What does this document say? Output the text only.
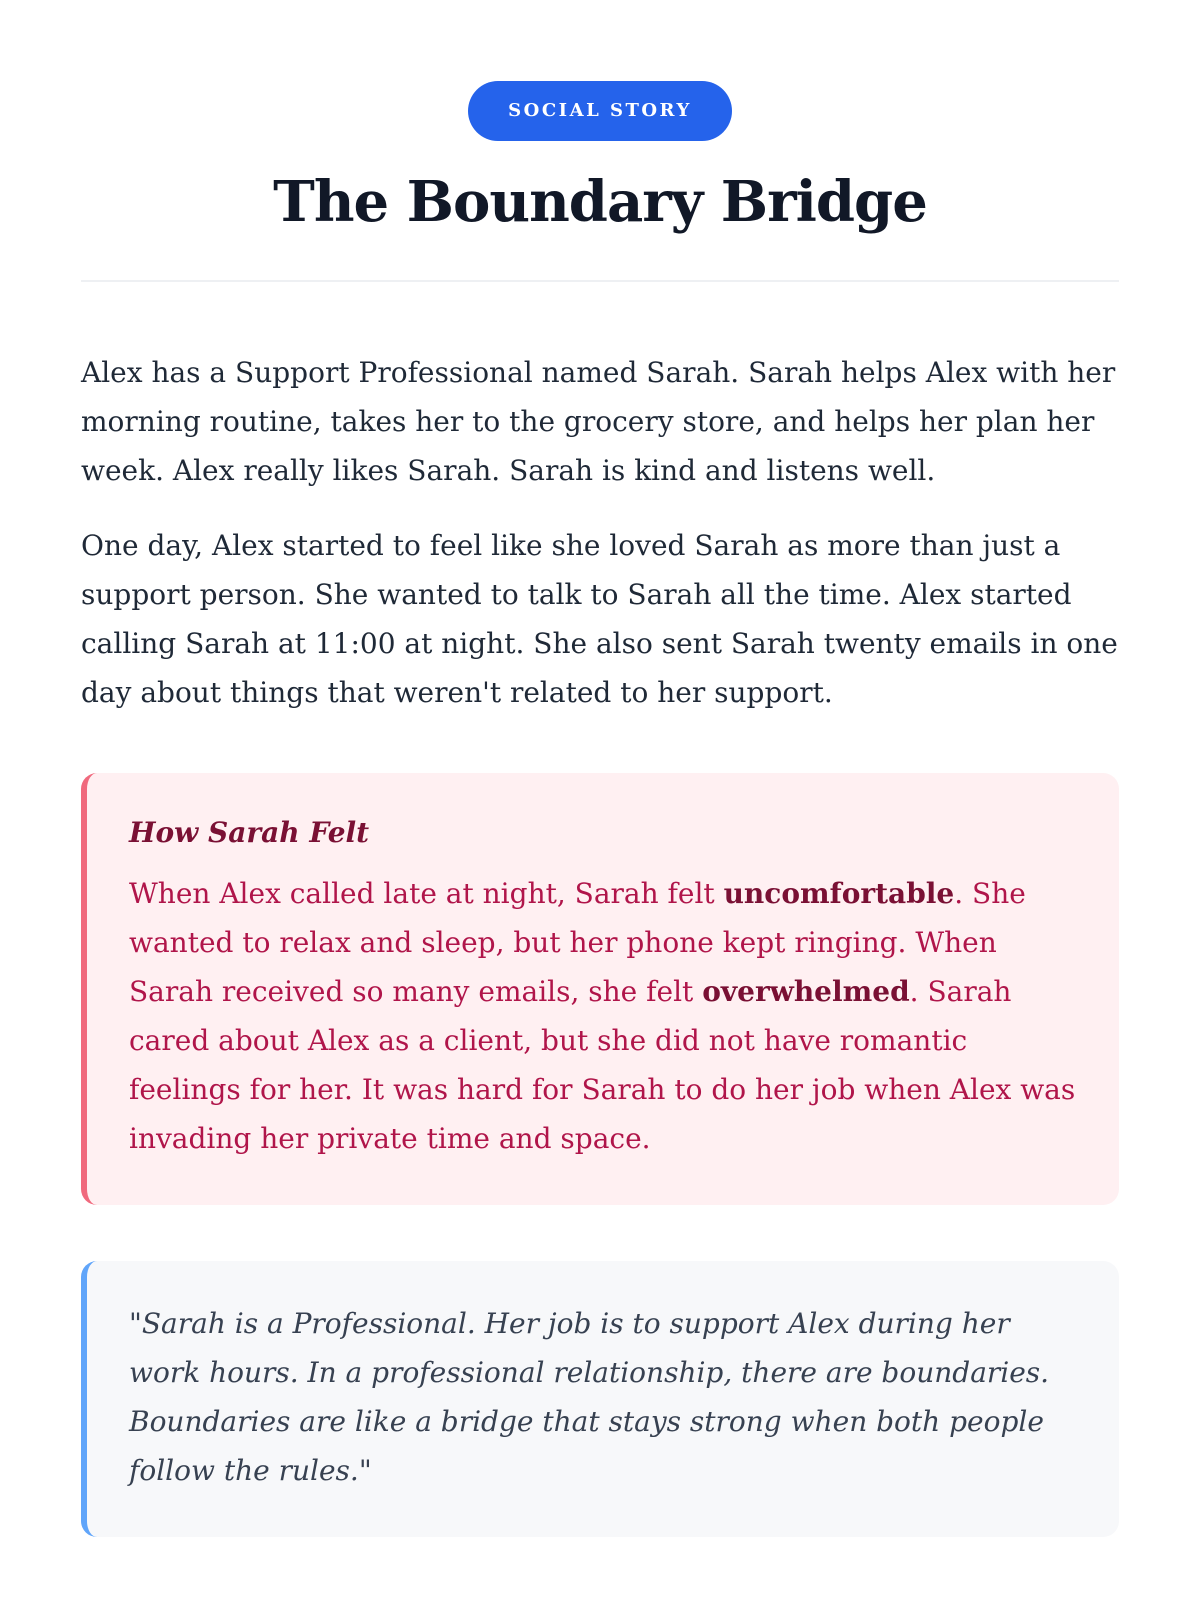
SOCIAL STORY
The Boundary Bridge

Alex has a Support Professional named Sarah. Sarah helps Alex with her morning routine, takes her to the grocery store, and helps her plan her week. Alex really likes Sarah. Sarah is kind and listens well.

One day, Alex started to feel like she loved Sarah as more than just a support person. She wanted to talk to Sarah all the time. Alex started calling Sarah at 11:00 at night. She also sent Sarah twenty emails in one day about things that weren't related to her support.

How Sarah Felt

When Alex called late at night, Sarah felt uncomfortable. She wanted to relax and sleep, but her phone kept ringing. When Sarah received so many emails, she felt overwhelmed. Sarah cared about Alex as a client, but she did not have romantic feelings for her. It was hard for Sarah to do her job when Alex was invading her private time and space.

"Sarah is a Professional. Her job is to support Alex during her work hours. In a professional relationship, there are boundaries. Boundaries are like a bridge that stays strong when both people follow the rules."
